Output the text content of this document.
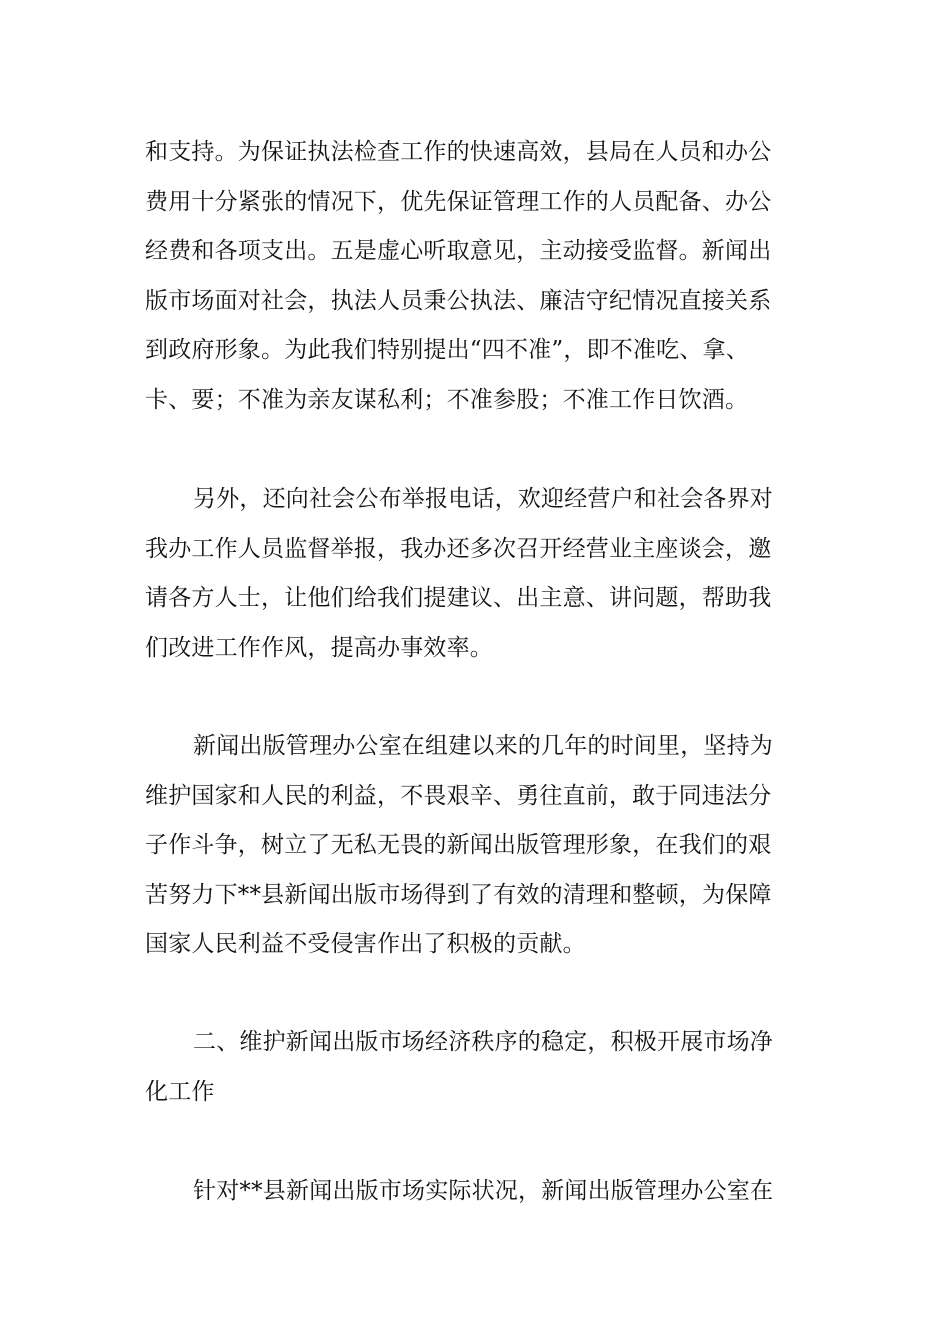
和支持。为保证执法检查工作的快速高效，县局在人员和办公
费用十分紧张的情况下，优先保证管理工作的人员配备、办公
经费和各项支出。五是虚心听取意见，主动接受监督。新闻出
版市场面对社会，执法人员秉公执法、廉洁守纪情况直接关系
到政府形象。为此我们特别提出“四不准”，即不准吃、拿、
卡、要；不准为亲友谋私利；不准参股；不准工作日饮酒。
另外，还向社会公布举报电话，欢迎经营户和社会各界对
我办工作人员监督举报，我办还多次召开经营业主座谈会，邀
请各方人士，让他们给我们提建议、出主意、讲问题，帮助我
们改进工作作风，提高办事效率。
新闻出版管理办公室在组建以来的几年的时间里，坚持为
维护国家和人民的利益，不畏艰辛、勇往直前，敢于同违法分
子作斗争，树立了无私无畏的新闻出版管理形象，在我们的艰
苦努力下**县新闻出版市场得到了有效的清理和整顿，为保障
国家人民利益不受侵害作出了积极的贡献。
二、维护新闻出版市场经济秩序的稳定，积极开展市场净
化工作
针对**县新闻出版市场实际状况，新闻出版管理办公室在
